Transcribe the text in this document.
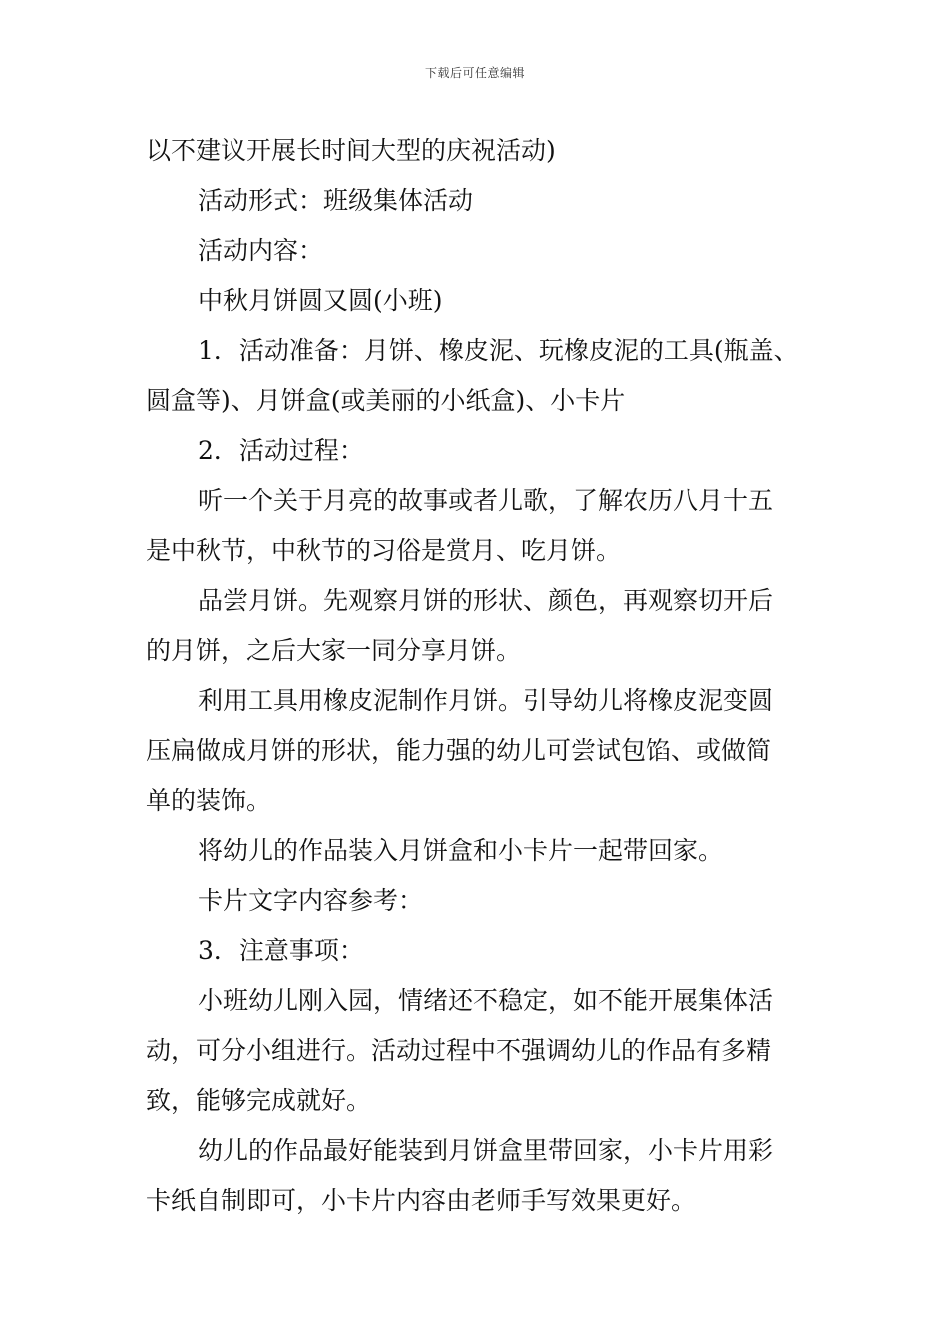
下载后可任意编辑
以不建议开展长时间大型的庆祝活动)
活动形式：班级集体活动
活动内容：
中秋月饼圆又圆(小班)
1．活动准备：月饼、橡皮泥、玩橡皮泥的工具(瓶盖、
圆盒等)、月饼盒(或美丽的小纸盒)、小卡片
2．活动过程：
听一个关于月亮的故事或者儿歌，了解农历八月十五
是中秋节，中秋节的习俗是赏月、吃月饼。
品尝月饼。先观察月饼的形状、颜色，再观察切开后
的月饼，之后大家一同分享月饼。
利用工具用橡皮泥制作月饼。引导幼儿将橡皮泥变圆
压扁做成月饼的形状，能力强的幼儿可尝试包馅、或做简
单的装饰。
将幼儿的作品装入月饼盒和小卡片一起带回家。
卡片文字内容参考：
3．注意事项：
小班幼儿刚入园，情绪还不稳定，如不能开展集体活
动，可分小组进行。活动过程中不强调幼儿的作品有多精
致，能够完成就好。
幼儿的作品最好能装到月饼盒里带回家，小卡片用彩
卡纸自制即可，小卡片内容由老师手写效果更好。
